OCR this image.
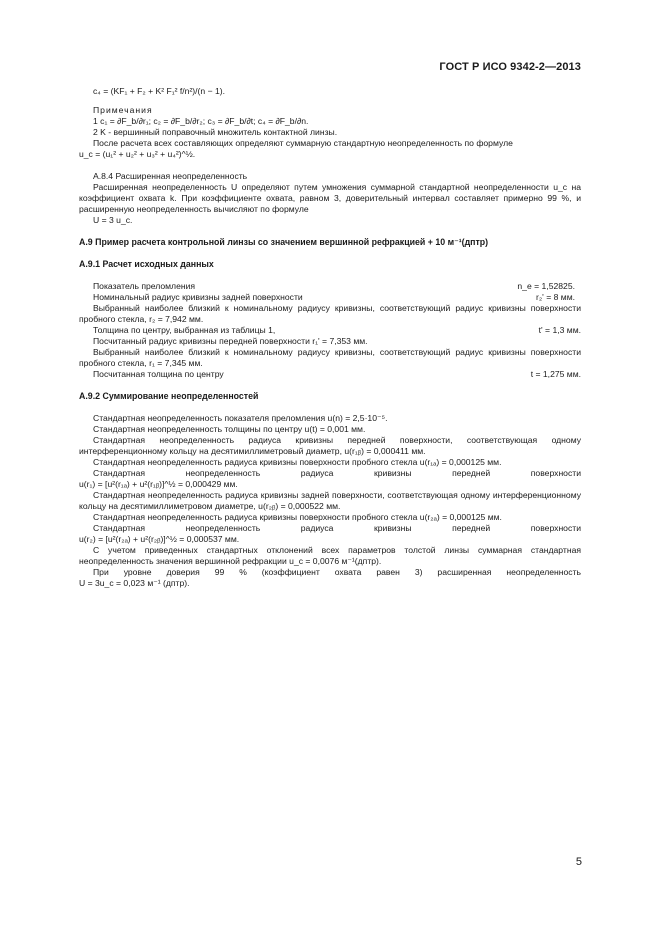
ГОСТ Р ИСО 9342-2—2013

c₄ = (KF₁ + F₂ + K² F₁² f/n²)/(n − 1).

Примечания

1 c₁ = ∂F_b/∂r₁; c₂ = ∂F_b/∂r₂; c₃ = ∂F_b/∂t; c₄ = ∂F_b/∂n.

2 K - вершинный поправочный множитель контактной линзы.

После расчета всех составляющих определяют суммарную стандартную неопределенность по формуле

u_c = (u₁² + u₂² + u₃² + u₄²)^½.

А.8.4 Расширенная неопределенность

Расширенная неопределенность U определяют путем умножения суммарной стандартной неопределенности u_c на коэффициент охвата k. При коэффициенте охвата, равном 3, доверительный интервал составляет примерно 99 %, и расширенную неопределенность вычисляют по формуле

U = 3 u_c.

А.9 Пример расчета контрольной линзы со значением вершинной рефракцией + 10 м⁻¹(дптр)

А.9.1 Расчет исходных данных

Показатель преломления	n_e = 1,52825.
Номинальный радиус кривизны задней поверхности	r₂' = 8 мм.

Выбранный наиболее близкий к номинальному радиусу кривизны, соответствующий радиус кривизны поверхности пробного стекла, r₂ = 7,942 мм.

Толщина по центру, выбранная из таблицы 1,	t' = 1,3 мм.

Посчитанный радиус кривизны передней поверхности r₁' = 7,353 мм.

Выбранный наиболее близкий к номинальному радиусу кривизны, соответствующий радиус кривизны поверхности пробного стекла, r₁ = 7,345 мм.

Посчитанная толщина по центру	t = 1,275 мм.

А.9.2 Суммирование неопределенностей

Стандартная неопределенность показателя преломления u(n) = 2,5·10⁻⁵.

Стандартная неопределенность толщины по центру u(t) = 0,001 мм.

Стандартная неопределенность радиуса кривизны передней поверхности, соответствующая одному интерференционному кольцу на десятимиллиметровый диаметр, u(r₁ᵦ) = 0,000411 мм.

Стандартная неопределенность радиуса кривизны поверхности пробного стекла u(r₁ₐ) = 0,000125 мм.

Стандартная неопределенность радиуса кривизны передней поверхности

u(r₁) = [u²(r₁ₐ) + u²(r₁ᵦ)]^½ = 0,000429 мм.

Стандартная неопределенность радиуса кривизны задней поверхности, соответствующая одному интерференционному кольцу на десятимиллиметровом диаметре, u(r₂ᵦ) = 0,000522 мм.

Стандартная неопределенность радиуса кривизны поверхности пробного стекла u(r₂ₐ) = 0,000125 мм.

Стандартная неопределенность радиуса кривизны передней поверхности

u(r₂) = [u²(r₂ₐ) + u²(r₂ᵦ)]^½ = 0,000537 мм.

С учетом приведенных стандартных отклонений всех параметров толстой линзы суммарная стандартная неопределенность значения вершинной рефракции u_c = 0,0076 м⁻¹(дптр).

При уровне доверия 99 % (коэффициент охвата равен 3) расширенная неопределенность

U = 3u_c = 0,023 м⁻¹ (дптр).

5
